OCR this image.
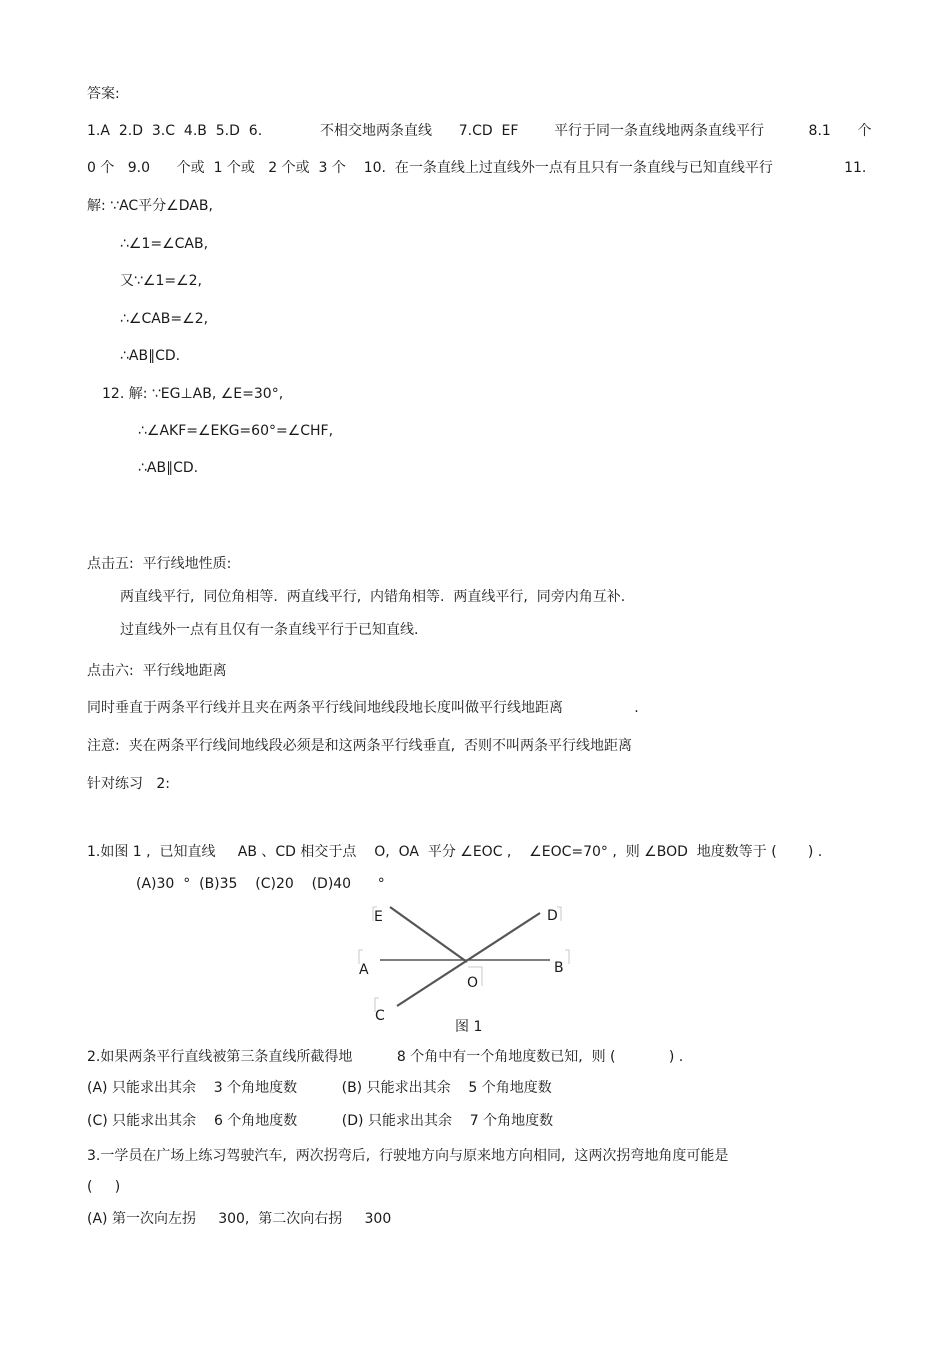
答案:
1.A  2.D  3.C  4.B  5.D  6.             不相交地两条直线      7.CD  EF        平行于同一条直线地两条直线平行          8.1      个
0 个   9.0      个或  1 个或   2 个或  3 个    10.  在一条直线上过直线外一点有且只有一条直线与已知直线平行                11.
解: ∵AC平分∠DAB,
∴∠1=∠CAB,
又∵∠1=∠2,
∴∠CAB=∠2,
∴AB∥CD.
12. 解: ∵EG⊥AB, ∠E=30°,
∴∠AKF=∠EKG=60°=∠CHF,
∴AB∥CD.
点击五:  平行线地性质:
两直线平行,  同位角相等.  两直线平行,  内错角相等.  两直线平行,  同旁内角互补.
过直线外一点有且仅有一条直线平行于已知直线.
点击六:  平行线地距离
同时垂直于两条平行线并且夹在两条平行线间地线段地长度叫做平行线地距离                .
注意:  夹在两条平行线间地线段必须是和这两条平行线垂直,  否则不叫两条平行线地距离
针对练习   2:
1.如图 1 ,  已知直线     AB 、CD 相交于点    O,  OA  平分 ∠EOC ,    ∠EOC=70° ,  则 ∠BOD  地度数等于 (       ) .
(A)30  °  (B)35    (C)20    (D)40      °
E	D
A	B
O
C
图 1
2.如果两条平行直线被第三条直线所截得地          8 个角中有一个角地度数已知,  则 (            ) .
(A) 只能求出其余    3 个角地度数          (B) 只能求出其余    5 个角地度数
(C) 只能求出其余    6 个角地度数          (D) 只能求出其余    7 个角地度数
3.一学员在广场上练习驾驶汽车,  两次拐弯后,  行驶地方向与原来地方向相同,  这两次拐弯地角度可能是
(     )
(A) 第一次向左拐     300,  第二次向右拐     300
